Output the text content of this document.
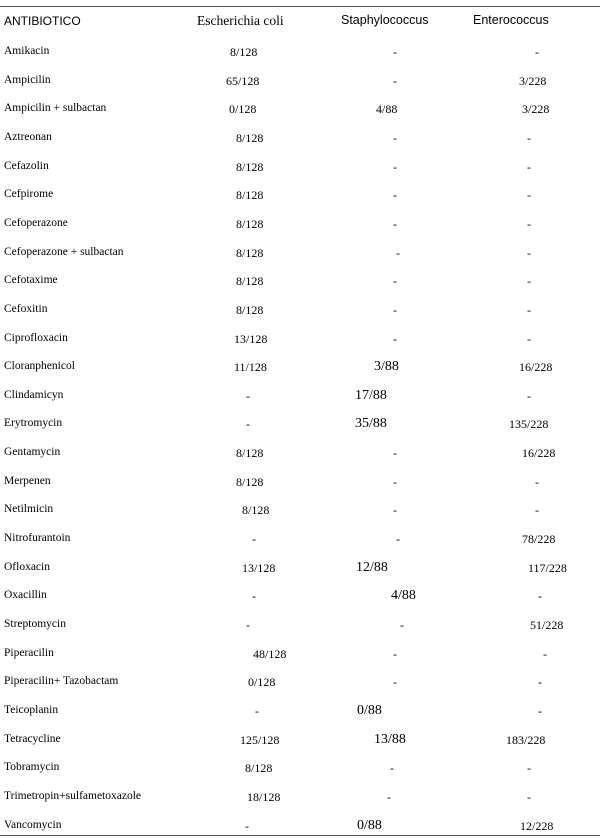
ANTIBIOTICO	Escherichia coli	Staphylococcus	Enterococcus
Amikacin	8/128	-	-
Ampicilin	65/128	-	3/228
Ampicilin + sulbactan	0/128	4/88	3/228
Aztreonan	8/128	-	-
Cefazolin	8/128	-	-
Cefpirome	8/128	-	-
Cefoperazone	8/128	-	-
Cefoperazone + sulbactan	8/128	-	-
Cefotaxime	8/128	-	-
Cefoxitin	8/128	-	-
Ciprofloxacin	13/128	-	-
Cloranphenicol	11/128	3/88	16/228
Clindamicyn	-	17/88	-
Erytromycin	-	35/88	135/228
Gentamycin	8/128	-	16/228
Merpenen	8/128	-	-
Netilmicin	8/128	-	-
Nitrofurantoin	-	-	78/228
Ofloxacin	13/128	12/88	117/228
Oxacillin	-	4/88	-
Streptomycin	-	-	51/228
Piperacilin	48/128	-	-
Piperacilin+ Tazobactam	0/128	-	-
Teicoplanin	-	0/88	-
Tetracycline	125/128	13/88	183/228
Tobramycin	8/128	-	-
Trimetropin+sulfametoxazole	18/128	-	-
Vancomycin	-	0/88	12/228
